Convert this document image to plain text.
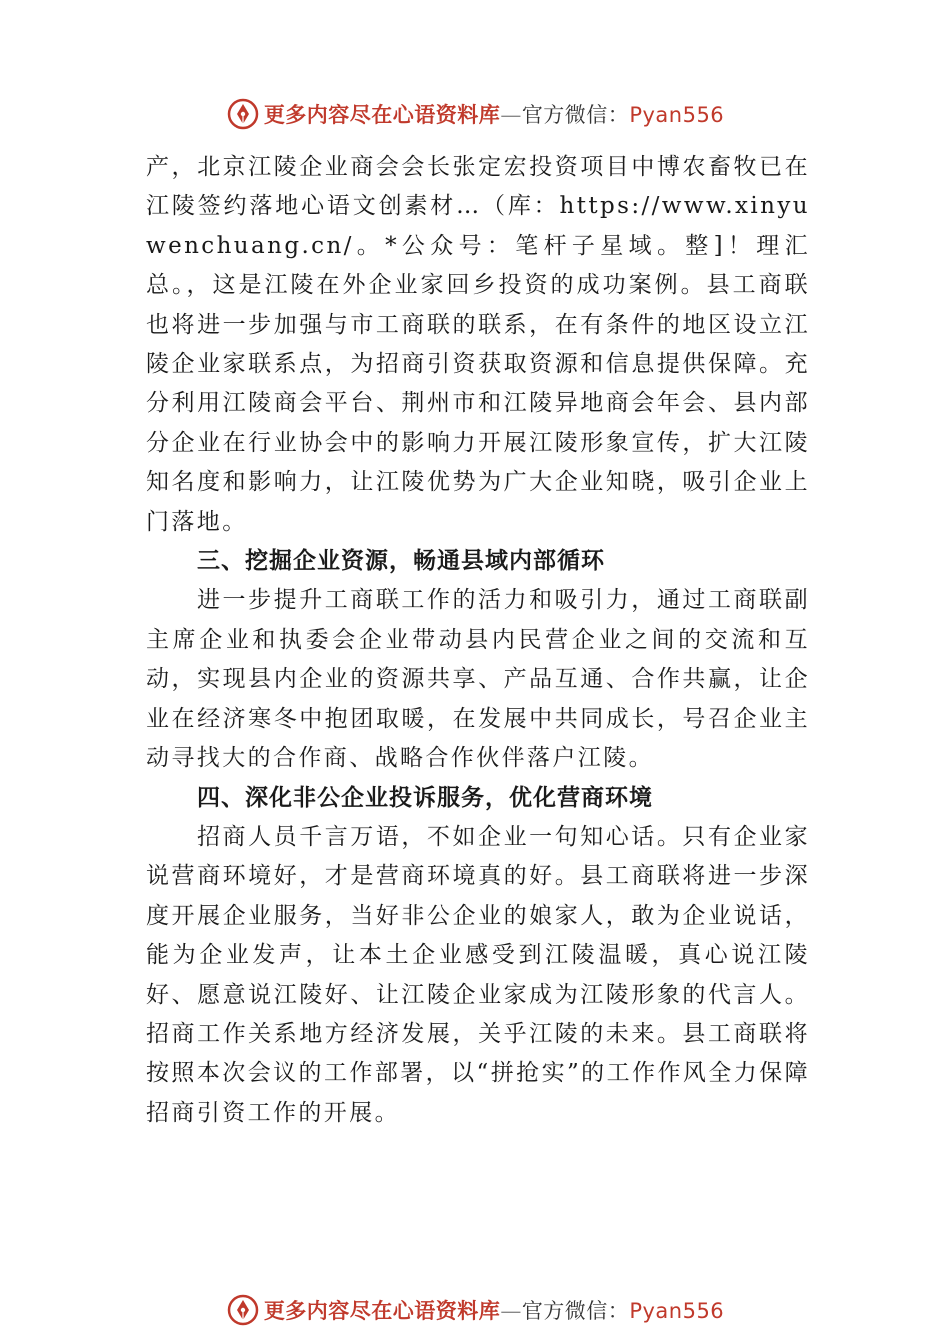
更多内容尽在心语资料库—官方微信：Pyan556

产，北京江陵企业商会会长张定宏投资项目中博农畜牧已在江陵签约落地心语文创素材…（库：https://www.xinyuwenchuang.cn/。*公众号：笔杆子星域。整]！理汇总。，这是江陵在外企业家回乡投资的成功案例。县工商联也将进一步加强与市工商联的联系，在有条件的地区设立江陵企业家联系点，为招商引资获取资源和信息提供保障。充分利用江陵商会平台、荆州市和江陵异地商会年会、县内部分企业在行业协会中的影响力开展江陵形象宣传，扩大江陵知名度和影响力，让江陵优势为广大企业知晓，吸引企业上门落地。

三、挖掘企业资源，畅通县域内部循环

进一步提升工商联工作的活力和吸引力，通过工商联副主席企业和执委会企业带动县内民营企业之间的交流和互动，实现县内企业的资源共享、产品互通、合作共赢，让企业在经济寒冬中抱团取暖，在发展中共同成长，号召企业主动寻找大的合作商、战略合作伙伴落户江陵。

四、深化非公企业投诉服务，优化营商环境

招商人员千言万语，不如企业一句知心话。只有企业家说营商环境好，才是营商环境真的好。县工商联将进一步深度开展企业服务，当好非公企业的娘家人，敢为企业说话，能为企业发声，让本土企业感受到江陵温暖，真心说江陵好、愿意说江陵好、让江陵企业家成为江陵形象的代言人。招商工作关系地方经济发展，关乎江陵的未来。县工商联将按照本次会议的工作部署，以“拼抢实”的工作作风全力保障招商引资工作的开展。

更多内容尽在心语资料库—官方微信：Pyan556
